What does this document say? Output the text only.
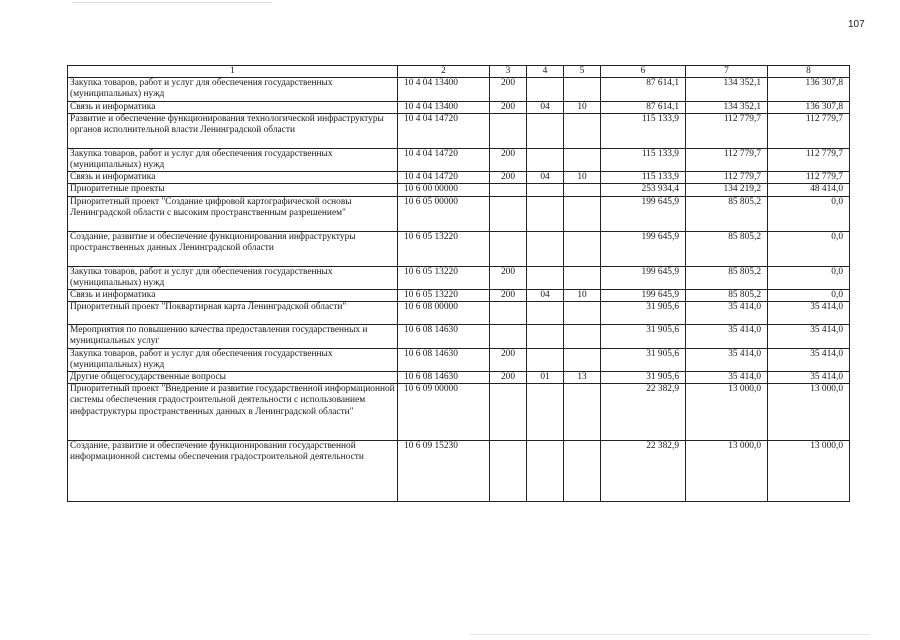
107
1	2	3	4	5	6	7	8
Закупка товаров, работ и услуг для обеспечения государственных (муниципальных) нужд	10 4 04 13400	200			87 614,1	134 352,1	136 307,8
Связь и информатика	10 4 04 13400	200	04	10	87 614,1	134 352,1	136 307,8
Развитие и обеспечение функционирования технологической инфраструктуры органов исполнительной власти Ленинградской области	10 4 04 14720				115 133,9	112 779,7	112 779,7
Закупка товаров, работ и услуг для обеспечения государственных (муниципальных) нужд	10 4 04 14720	200			115 133,9	112 779,7	112 779,7
Связь и информатика	10 4 04 14720	200	04	10	115 133,9	112 779,7	112 779,7
Приоритетные проекты	10 6 00 00000				253 934,4	134 219,2	48 414,0
Приоритетный проект "Создание цифровой картографической основы Ленинградской области с высоким пространственным разрешением"	10 6 05 00000				199 645,9	85 805,2	0,0
Создание, развитие и обеспечение функционирования инфраструктуры пространственных данных Ленинградской области	10 6 05 13220				199 645,9	85 805,2	0,0
Закупка товаров, работ и услуг для обеспечения государственных (муниципальных) нужд	10 6 05 13220	200			199 645,9	85 805,2	0,0
Связь и информатика	10 6 05 13220	200	04	10	199 645,9	85 805,2	0,0
Приоритетный проект "Поквартирная карта Ленинградской области"	10 6 08 00000				31 905,6	35 414,0	35 414,0
Мероприятия по повышению качества предоставления государственных и муниципальных услуг	10 6 08 14630				31 905,6	35 414,0	35 414,0
Закупка товаров, работ и услуг для обеспечения государственных (муниципальных) нужд	10 6 08 14630	200			31 905,6	35 414,0	35 414,0
Другие общегосударственные вопросы	10 6 08 14630	200	01	13	31 905,6	35 414,0	35 414,0
Приоритетный проект "Внедрение и развитие государственной информационной системы обеспечения градостроительной деятельности с использованием инфраструктуры пространственных данных в Ленинградской области"	10 6 09 00000				22 382,9	13 000,0	13 000,0
Создание, развитие и обеспечение функционирования государственной информационной системы обеспечения градостроительной деятельности	10 6 09 15230				22 382,9	13 000,0	13 000,0
